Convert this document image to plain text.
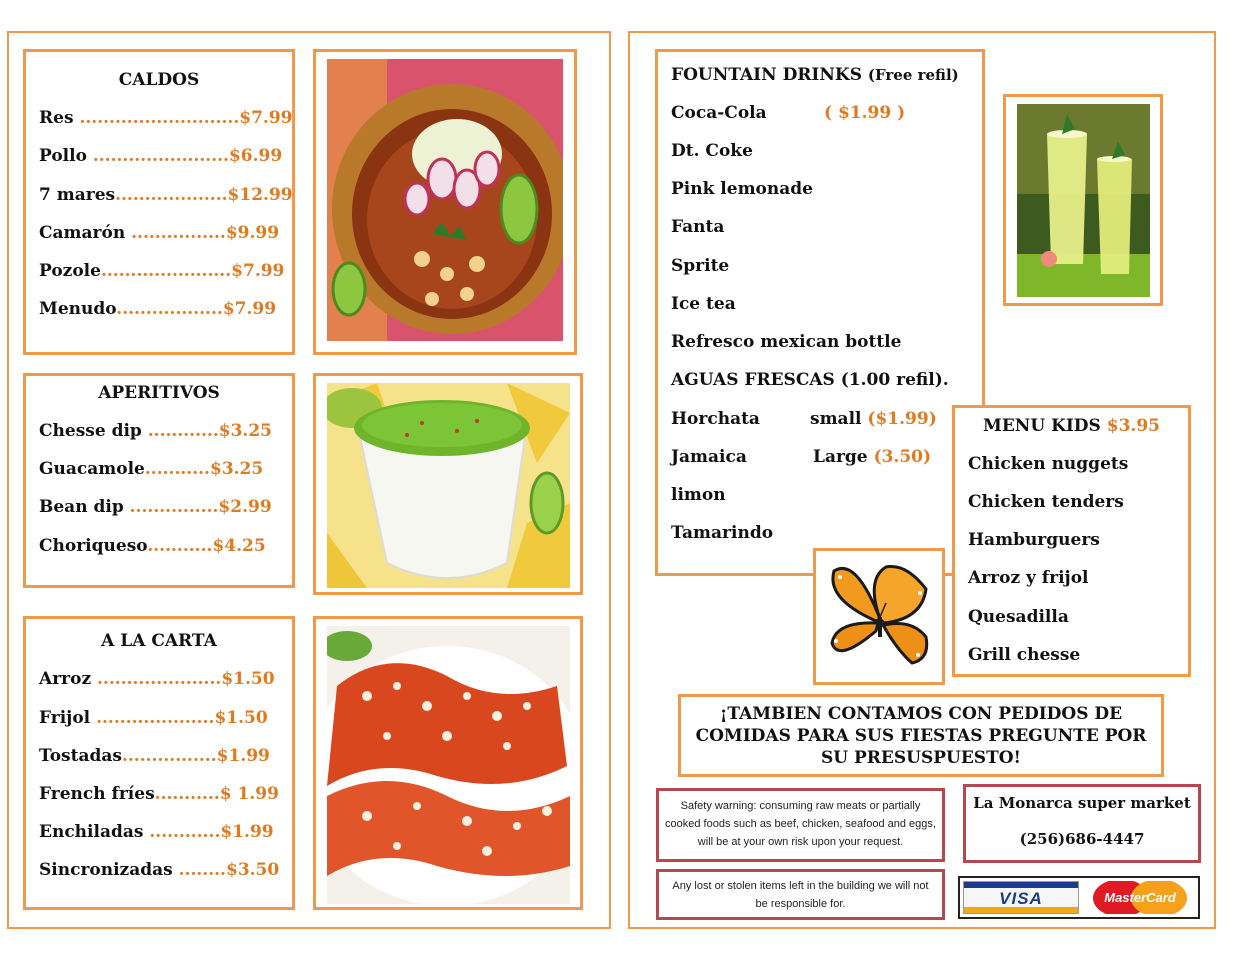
CALDOS
Res ...........................$7.99
Pollo .......................$6.99
7 mares...................$12.99
Camarón ................$9.99
Pozole......................$7.99
Menudo..................$7.99
APERITIVOS
Chesse dip ............$3.25
Guacamole...........$3.25
Bean dip ...............$2.99
Choriqueso...........$4.25
A LA CARTA
Arroz .....................$1.50
Frijol ....................$1.50
Tostadas................$1.99
French fríes...........$ 1.99
Enchiladas ............$1.99
Sincronizadas ........$3.50
FOUNTAIN DRINKS (Free refil)
Coca-Cola	( $1.99 )
Dt. Coke
Pink lemonade
Fanta
Sprite
Ice tea
Refresco mexican bottle
AGUAS FRESCAS (1.00 refil).
Horchata	small ($1.99)
Jamaica	Large (3.50)
limon
Tamarindo
MENU KIDS $3.95
Chicken nuggets
Chicken tenders
Hamburguers
Arroz y frijol
Quesadilla
Grill chesse
¡TAMBIEN CONTAMOS CON PEDIDOS DE COMIDAS PARA SUS FIESTAS PREGUNTE POR SU PRESUSPUESTO!
Safety warning: consuming raw meats or partially cooked foods such as beef, chicken, seafood and eggs, will be at your own risk upon your request.
Any lost or stolen items left in the building we will not be responsible for.
La Monarca super market
(256)686-4447
VISA	MasterCard
